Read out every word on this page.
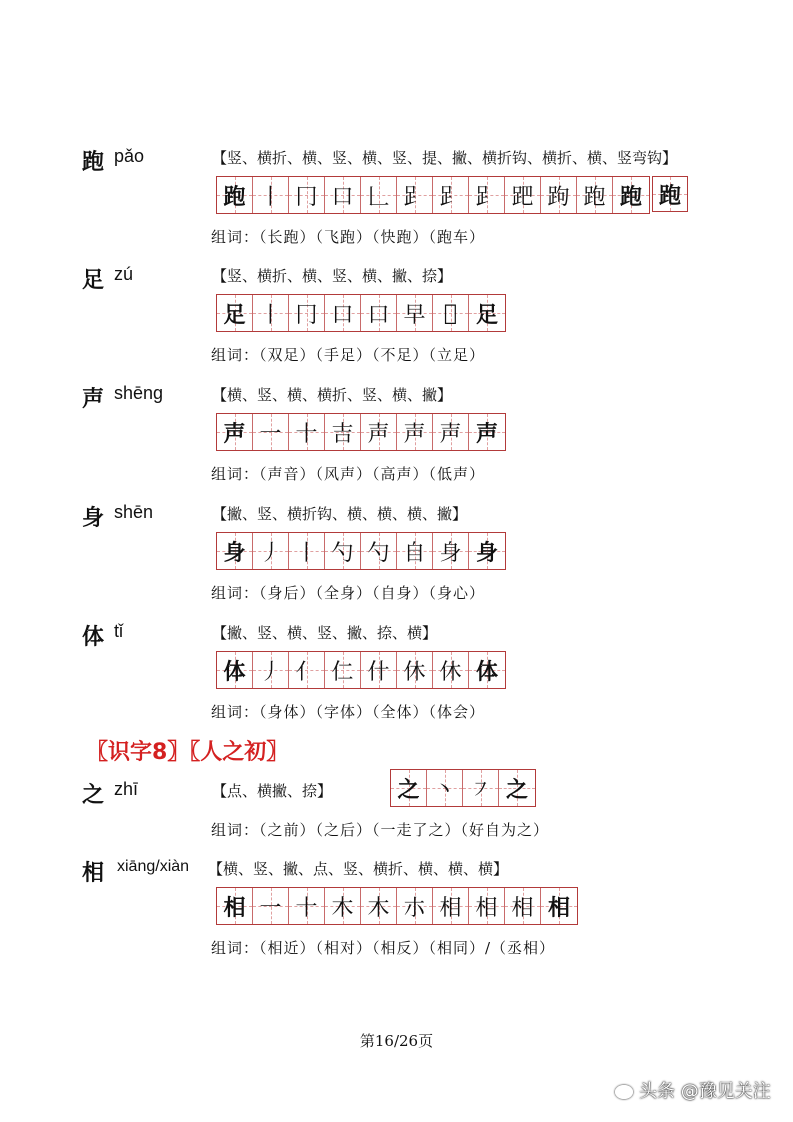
跑 pǎo	【竖、横折、横、竖、横、竖、提、撇、横折钩、横折、横、竖弯钩】
跑 丨 冂 口 𠃊 𧾷 𧾷 𧾷 跁 跔 跑 跑
组词：（长跑）（飞跑）（快跑）（跑车）
足 zú	【竖、横折、横、竖、横、撇、捺】
足 丨 冂 口 口 早 𠯁 足
组词：（双足）（手足）（不足）（立足）
声 shēng	【横、竖、横、横折、竖、横、撇】
声 一 十 吉 声 声 声 声
组词：（声音）（风声）（高声）（低声）
身 shēn	【撇、竖、横折钩、横、横、横、撇】
身 丿 丨 勺 勺 自 身 身
组词：（身后）（全身）（自身）（身心）
体 tǐ	【撇、竖、横、竖、撇、捺、横】
体 丿 亻 仁 什 休 休 体
组词：（身体）（字体）（全体）（体会）
〖识字8〗〖人之初〗
之 zhī	【点、横撇、捺】	之 丶 ㇇ 之
组词：（之前）（之后）（一走了之）（好自为之）
相 xiāng/xiàn 【横、竖、撇、点、竖、横折、横、横、横】
相 一 十 木 木 朩 相 相 相 相
组词：（相近）（相对）（相反）（相同）/（丞相）
跑
第16/26页
头条 @豫见关注
